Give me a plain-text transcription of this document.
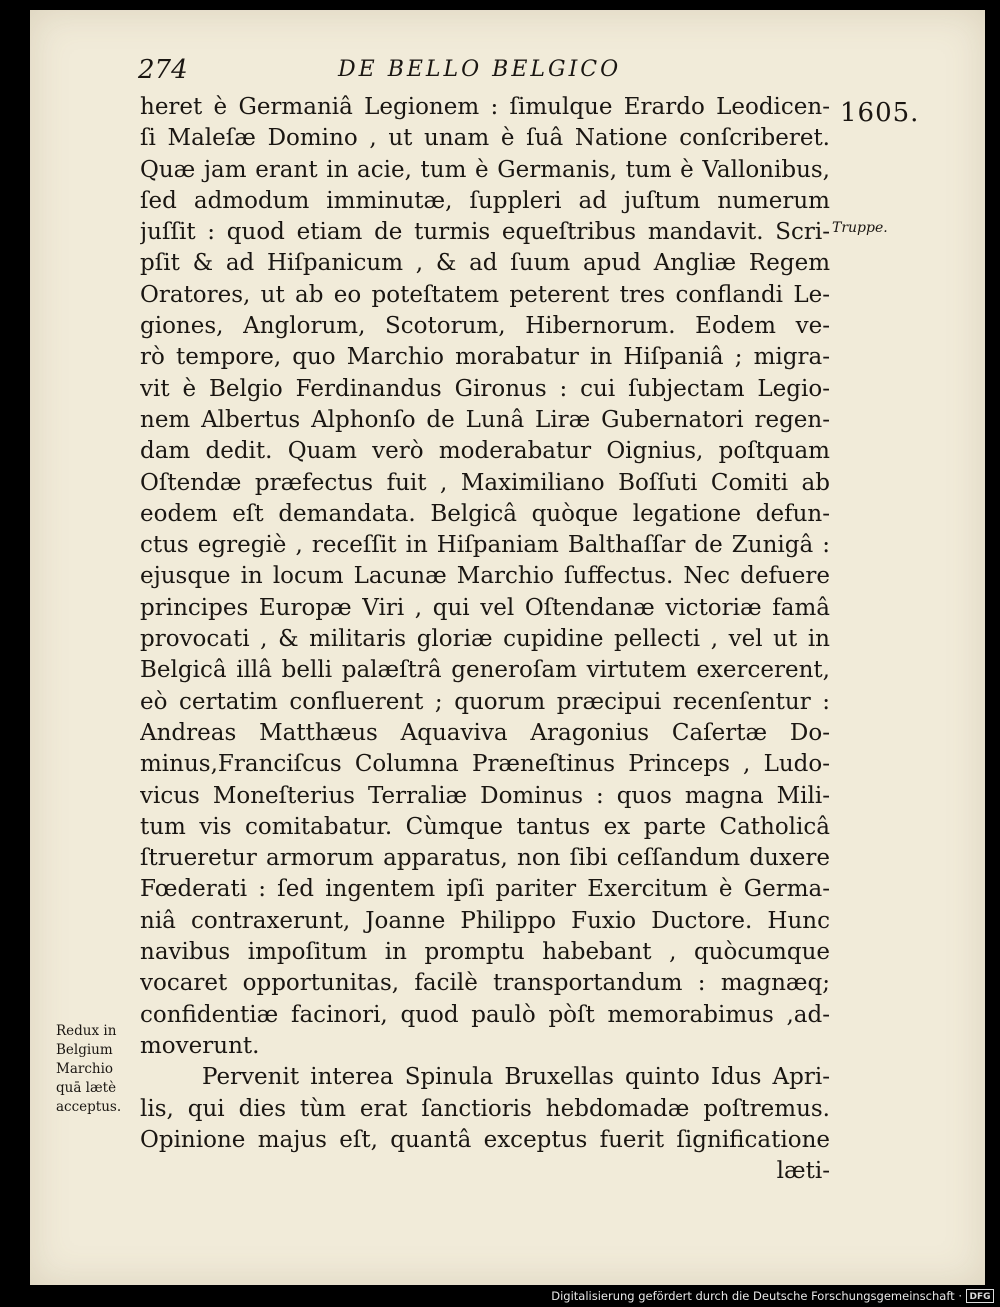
274	DE BELLO BELGICO
1605.
Truppe.
heret è Germaniâ Legionem : ſimulque Erardo Leodicen-
ſi Maleſæ Domino , ut unam è ſuâ Natione conſcriberet.
Quæ jam erant in acie, tum è Germanis, tum è Vallonibus,
ſed admodum imminutæ, ſuppleri ad juſtum numerum
juſſit : quod etiam de turmis equeſtribus mandavit. Scri-
pſit & ad Hiſpanicum , & ad ſuum apud Angliæ Regem
Oratores, ut ab eo poteſtatem peterent tres conflandi Le-
giones, Anglorum, Scotorum, Hibernorum. Eodem ve-
rò tempore, quo Marchio morabatur in Hiſpaniâ ; migra-
vit è Belgio Ferdinandus Gironus : cui ſubjectam Legio-
nem Albertus Alphonſo de Lunâ Liræ Gubernatori regen-
dam dedit. Quam verò moderabatur Oignius, poſtquam
Oſtendæ præfectus fuit , Maximiliano Boſſuti Comiti ab
eodem eſt demandata. Belgicâ quòque legatione defun-
ctus egregiè , receſſit in Hiſpaniam Balthaſſar de Zunigâ :
ejusque in locum Lacunæ Marchio ſuffectus. Nec defuere
principes Europæ Viri , qui vel Oſtendanæ victoriæ famâ
provocati , & militaris gloriæ cupidine pellecti , vel ut in
Belgicâ illâ belli palæſtrâ generoſam virtutem exercerent,
eò certatim confluerent ; quorum præcipui recenſentur :
Andreas Matthæus Aquaviva Aragonius Caſertæ Do-
minus,Franciſcus Columna Præneſtinus Princeps , Ludo-
vicus Moneſterius Terraliæ Dominus : quos magna Mili-
tum vis comitabatur. Cùmque tantus ex parte Catholicâ
ſtrueretur armorum apparatus, non ſibi ceſſandum duxere
Fœderati : ſed ingentem ipſi pariter Exercitum è Germa-
niâ contraxerunt, Joanne Philippo Fuxio Ductore. Hunc
navibus impoſitum in promptu habebant , quòcumque
vocaret opportunitas, facilè transportandum : magnæq;
confidentiæ facinori, quod paulò pòſt memorabimus ,ad-
moverunt.
Pervenit interea Spinula Bruxellas quinto Idus Apri-
lis, qui dies tùm erat ſanctioris hebdomadæ poſtremus.
Opinione majus eſt, quantâ exceptus fuerit ſignificatione
læti-
Redux in
Belgium
Marchio
quā lætè
acceptus.
Digitalisierung gefördert durch die Deutsche Forschungsgemeinschaft · DFG
